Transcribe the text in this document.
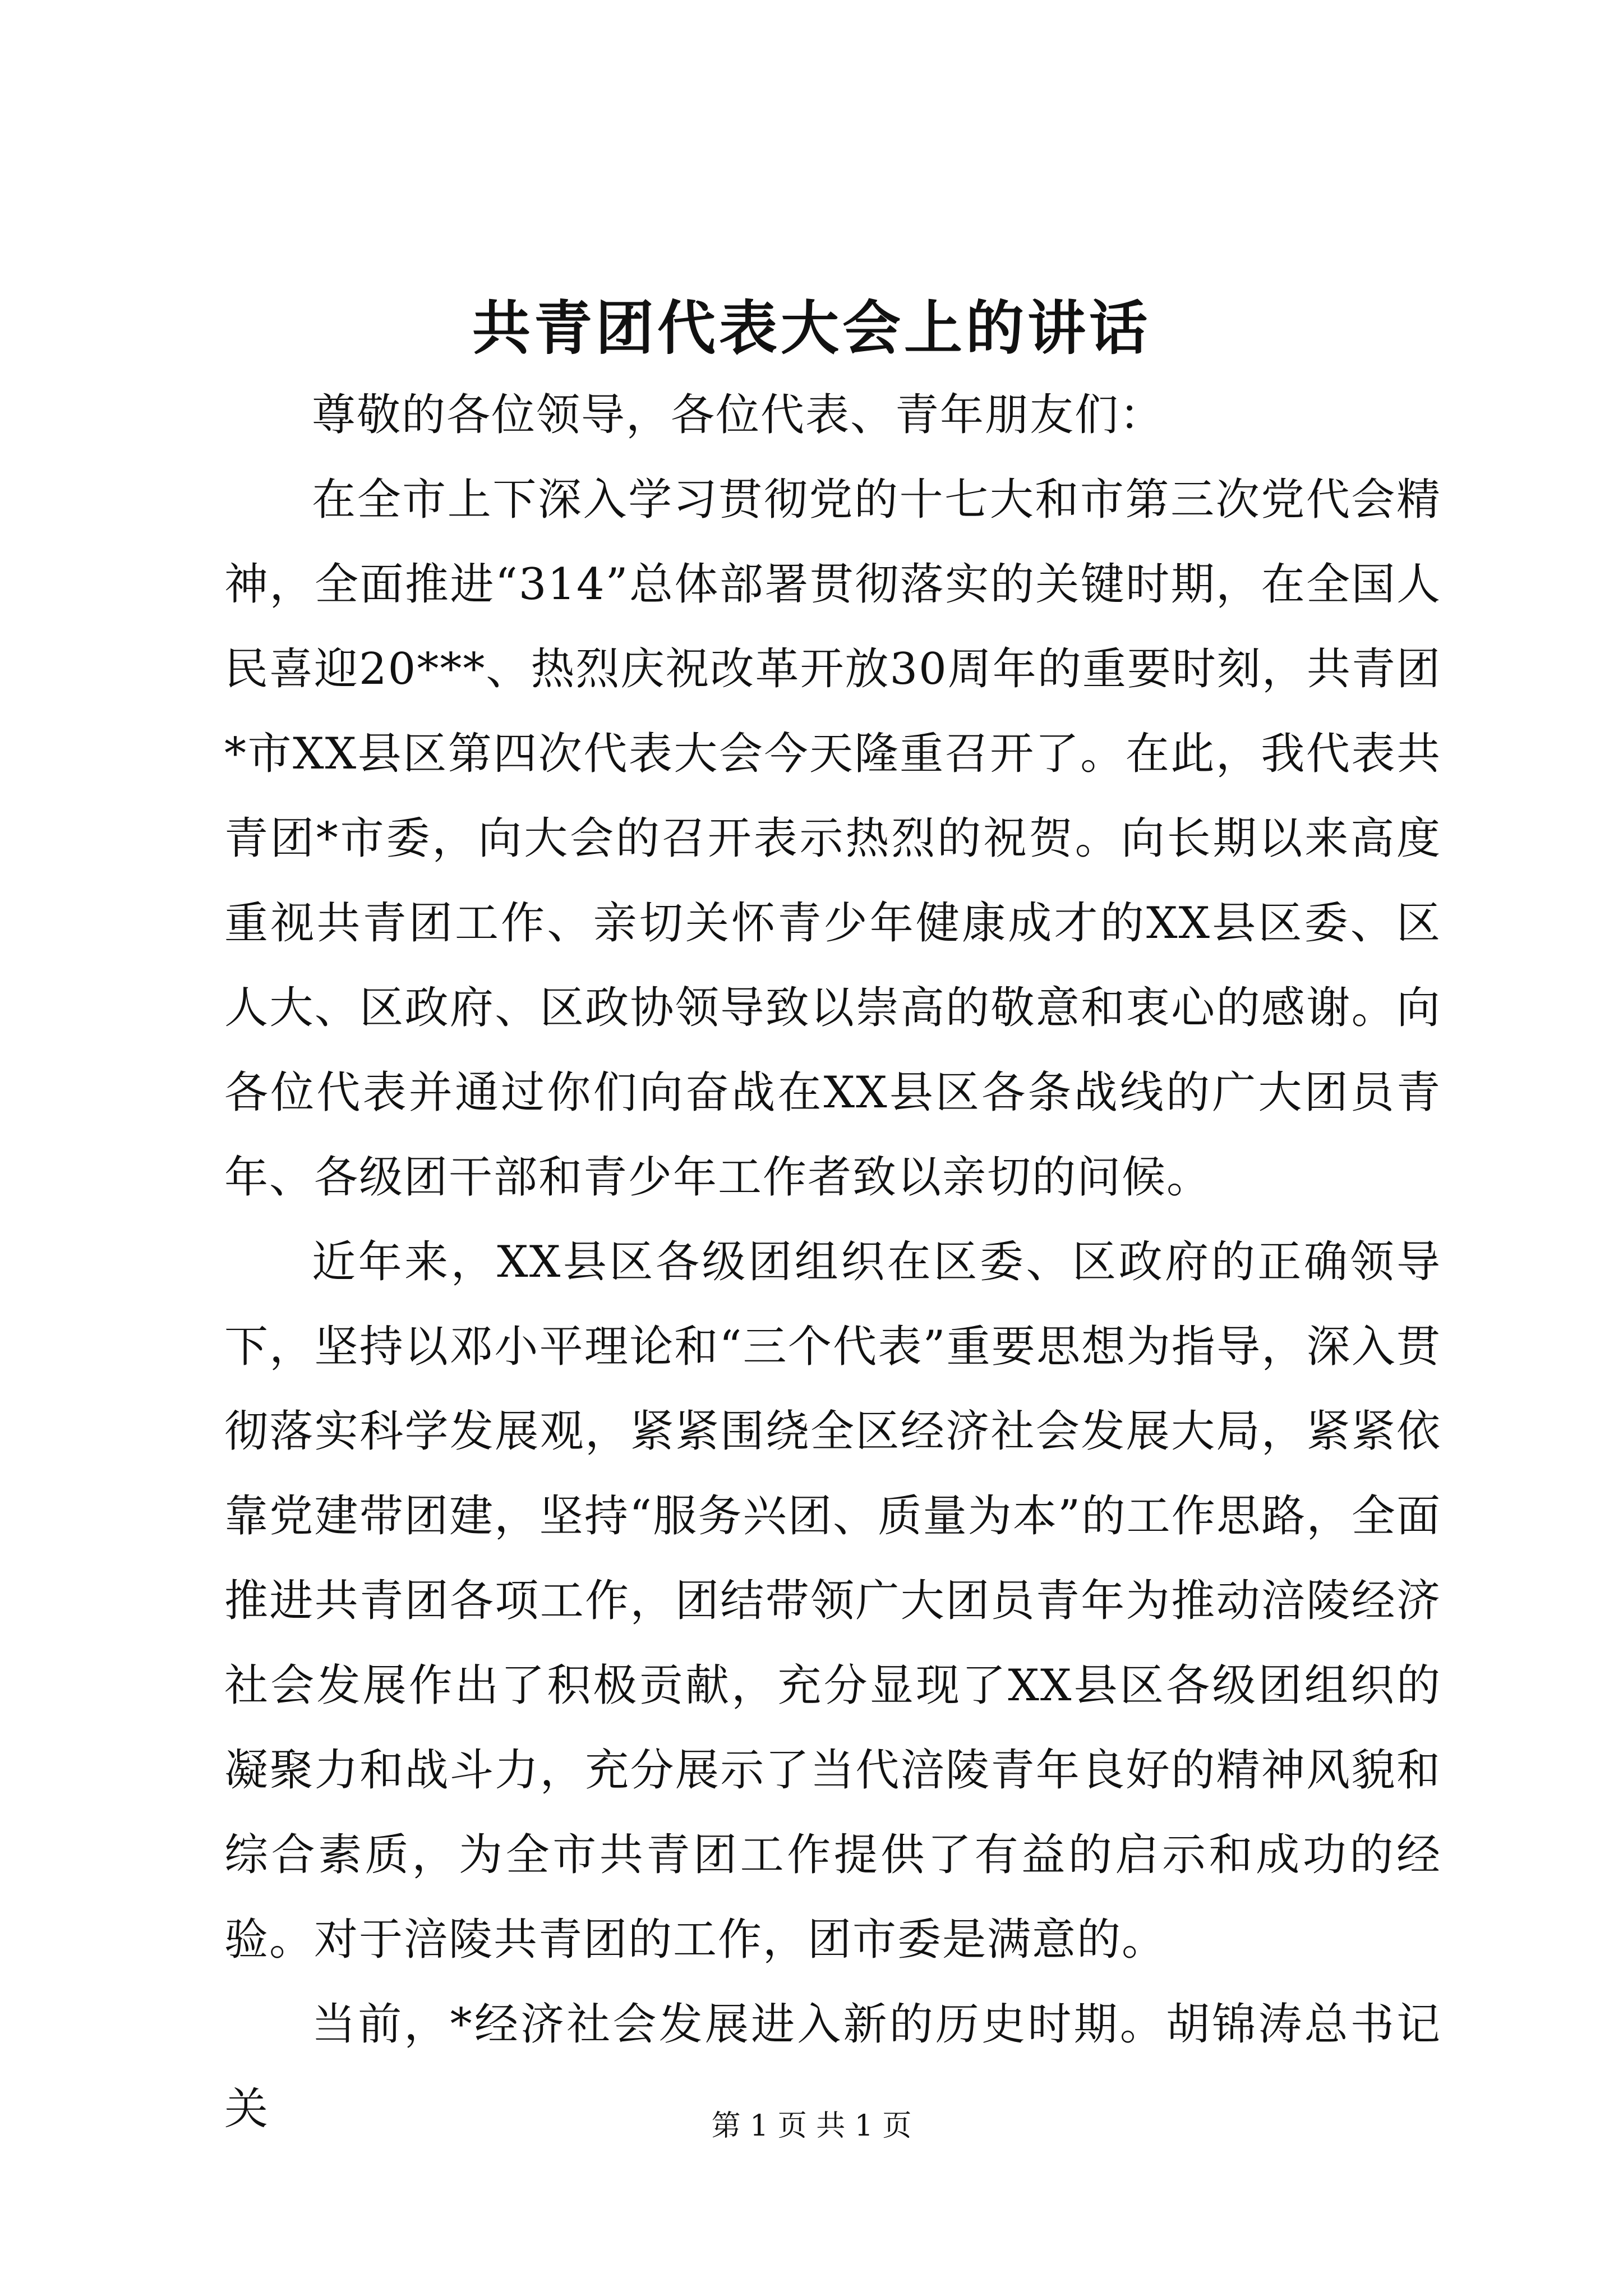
共青团代表大会上的讲话

尊敬的各位领导，各位代表、青年朋友们：

在全市上下深入学习贯彻党的十七大和市第三次党代会精神，全面推进“314”总体部署贯彻落实的关键时期，在全国人民喜迎20***、热烈庆祝改革开放30周年的重要时刻，共青团*市XX县区第四次代表大会今天隆重召开了。在此，我代表共青团*市委，向大会的召开表示热烈的祝贺。向长期以来高度重视共青团工作、亲切关怀青少年健康成才的XX县区委、区人大、区政府、区政协领导致以崇高的敬意和衷心的感谢。向各位代表并通过你们向奋战在XX县区各条战线的广大团员青年、各级团干部和青少年工作者致以亲切的问候。

近年来，XX县区各级团组织在区委、区政府的正确领导下，坚持以邓小平理论和“三个代表”重要思想为指导，深入贯彻落实科学发展观，紧紧围绕全区经济社会发展大局，紧紧依靠党建带团建，坚持“服务兴团、质量为本”的工作思路，全面推进共青团各项工作，团结带领广大团员青年为推动涪陵经济社会发展作出了积极贡献，充分显现了XX县区各级团组织的凝聚力和战斗力，充分展示了当代涪陵青年良好的精神风貌和综合素质，为全市共青团工作提供了有益的启示和成功的经验。对于涪陵共青团的工作，团市委是满意的。

当前，*经济社会发展进入新的历史时期。胡锦涛总书记关	第 1 页 共 1 页
